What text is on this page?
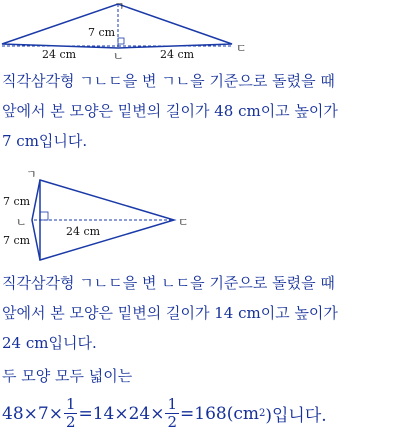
ㄱ
ㄴ
ㄷ
7 cm
24 cm	24 cm
직각삼각형 ㄱㄴㄷ을 변 ㄱㄴ을 기준으로 돌렸을 때
앞에서 본 모양은 밑변의 길이가 48 cm이고 높이가
7 cm입니다.
ㄱ
ㄴ	ㄷ
7 cm
7 cm
24 cm
직각삼각형 ㄱㄴㄷ을 변 ㄴㄷ을 기준으로 돌렸을 때
앞에서 본 모양은 밑변의 길이가 14 cm이고 높이가
24 cm입니다.
두 모양 모두 넓이는
$48\times 7\times \frac{1}{2} =14\times 24\times \frac{1}{2} =168(cm$ 2 )입니다.
